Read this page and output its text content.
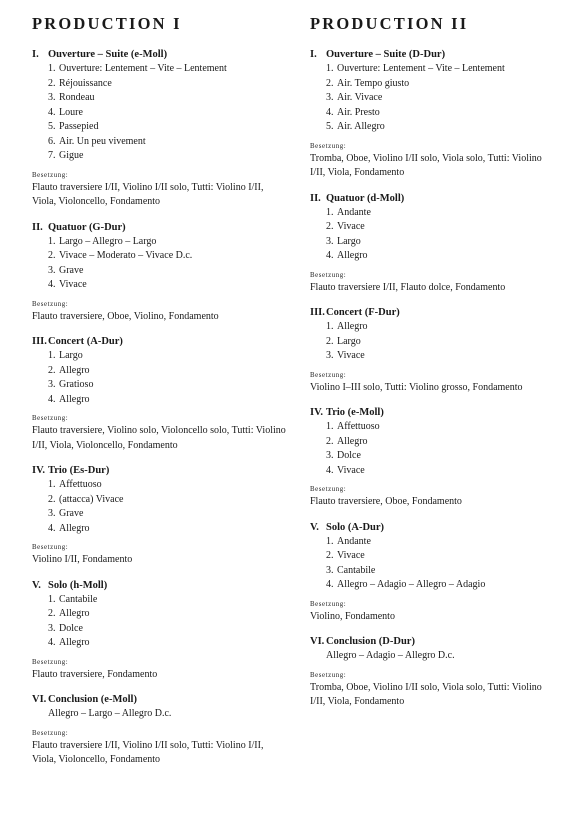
PRODUCTION I
I. Ouverture – Suite (e-Moll)
1. Ouverture: Lentement – Vite – Lentement
2. Réjouissance
3. Rondeau
4. Loure
5. Passepied
6. Air. Un peu vivement
7. Gigue
Besetzung:
Flauto traversiere I/II, Violino I/II solo, Tutti: Violino I/II, Viola, Violoncello, Fondamento
II. Quatuor (G-Dur)
1. Largo – Allegro – Largo
2. Vivace – Moderato – Vivace D.c.
3. Grave
4. Vivace
Besetzung:
Flauto traversiere, Oboe, Violino, Fondamento
III.Concert (A-Dur)
1. Largo
2. Allegro
3. Gratioso
4. Allegro
Besetzung:
Flauto traversiere, Violino solo, Violoncello solo, Tutti: Violino I/II, Viola, Violoncello, Fondamento
IV. Trio (Es-Dur)
1. Affettuoso
2. (attacca) Vivace
3. Grave
4. Allegro
Besetzung:
Violino I/II, Fondamento
V. Solo (h-Moll)
1. Cantabile
2. Allegro
3. Dolce
4. Allegro
Besetzung:
Flauto traversiere, Fondamento
VI. Conclusion (e-Moll)
Allegro – Largo – Allegro D.c.
Besetzung:
Flauto traversiere I/II, Violino I/II solo, Tutti: Violino I/II, Viola, Violoncello, Fondamento
PRODUCTION II
I. Ouverture – Suite (D-Dur)
1. Ouverture: Lentement – Vite – Lentement
2. Air. Tempo giusto
3. Air. Vivace
4. Air. Presto
5. Air. Allegro
Besetzung:
Tromba, Oboe, Violino I/II solo, Viola solo, Tutti: Violino I/II, Viola, Fondamento
II. Quatuor (d-Moll)
1. Andante
2. Vivace
3. Largo
4. Allegro
Besetzung:
Flauto traversiere I/II, Flauto dolce, Fondamento
III.Concert (F-Dur)
1. Allegro
2. Largo
3. Vivace
Besetzung:
Violino I–III solo, Tutti: Violino grosso, Fondamento
IV. Trio (e-Moll)
1. Affettuoso
2. Allegro
3. Dolce
4. Vivace
Besetzung:
Flauto traversiere, Oboe, Fondamento
V. Solo (A-Dur)
1. Andante
2. Vivace
3. Cantabile
4. Allegro – Adagio – Allegro – Adagio
Besetzung:
Violino, Fondamento
VI. Conclusion (D-Dur)
Allegro – Adagio – Allegro D.c.
Besetzung:
Tromba, Oboe, Violino I/II solo, Viola solo, Tutti: Violino I/II, Viola, Fondamento
